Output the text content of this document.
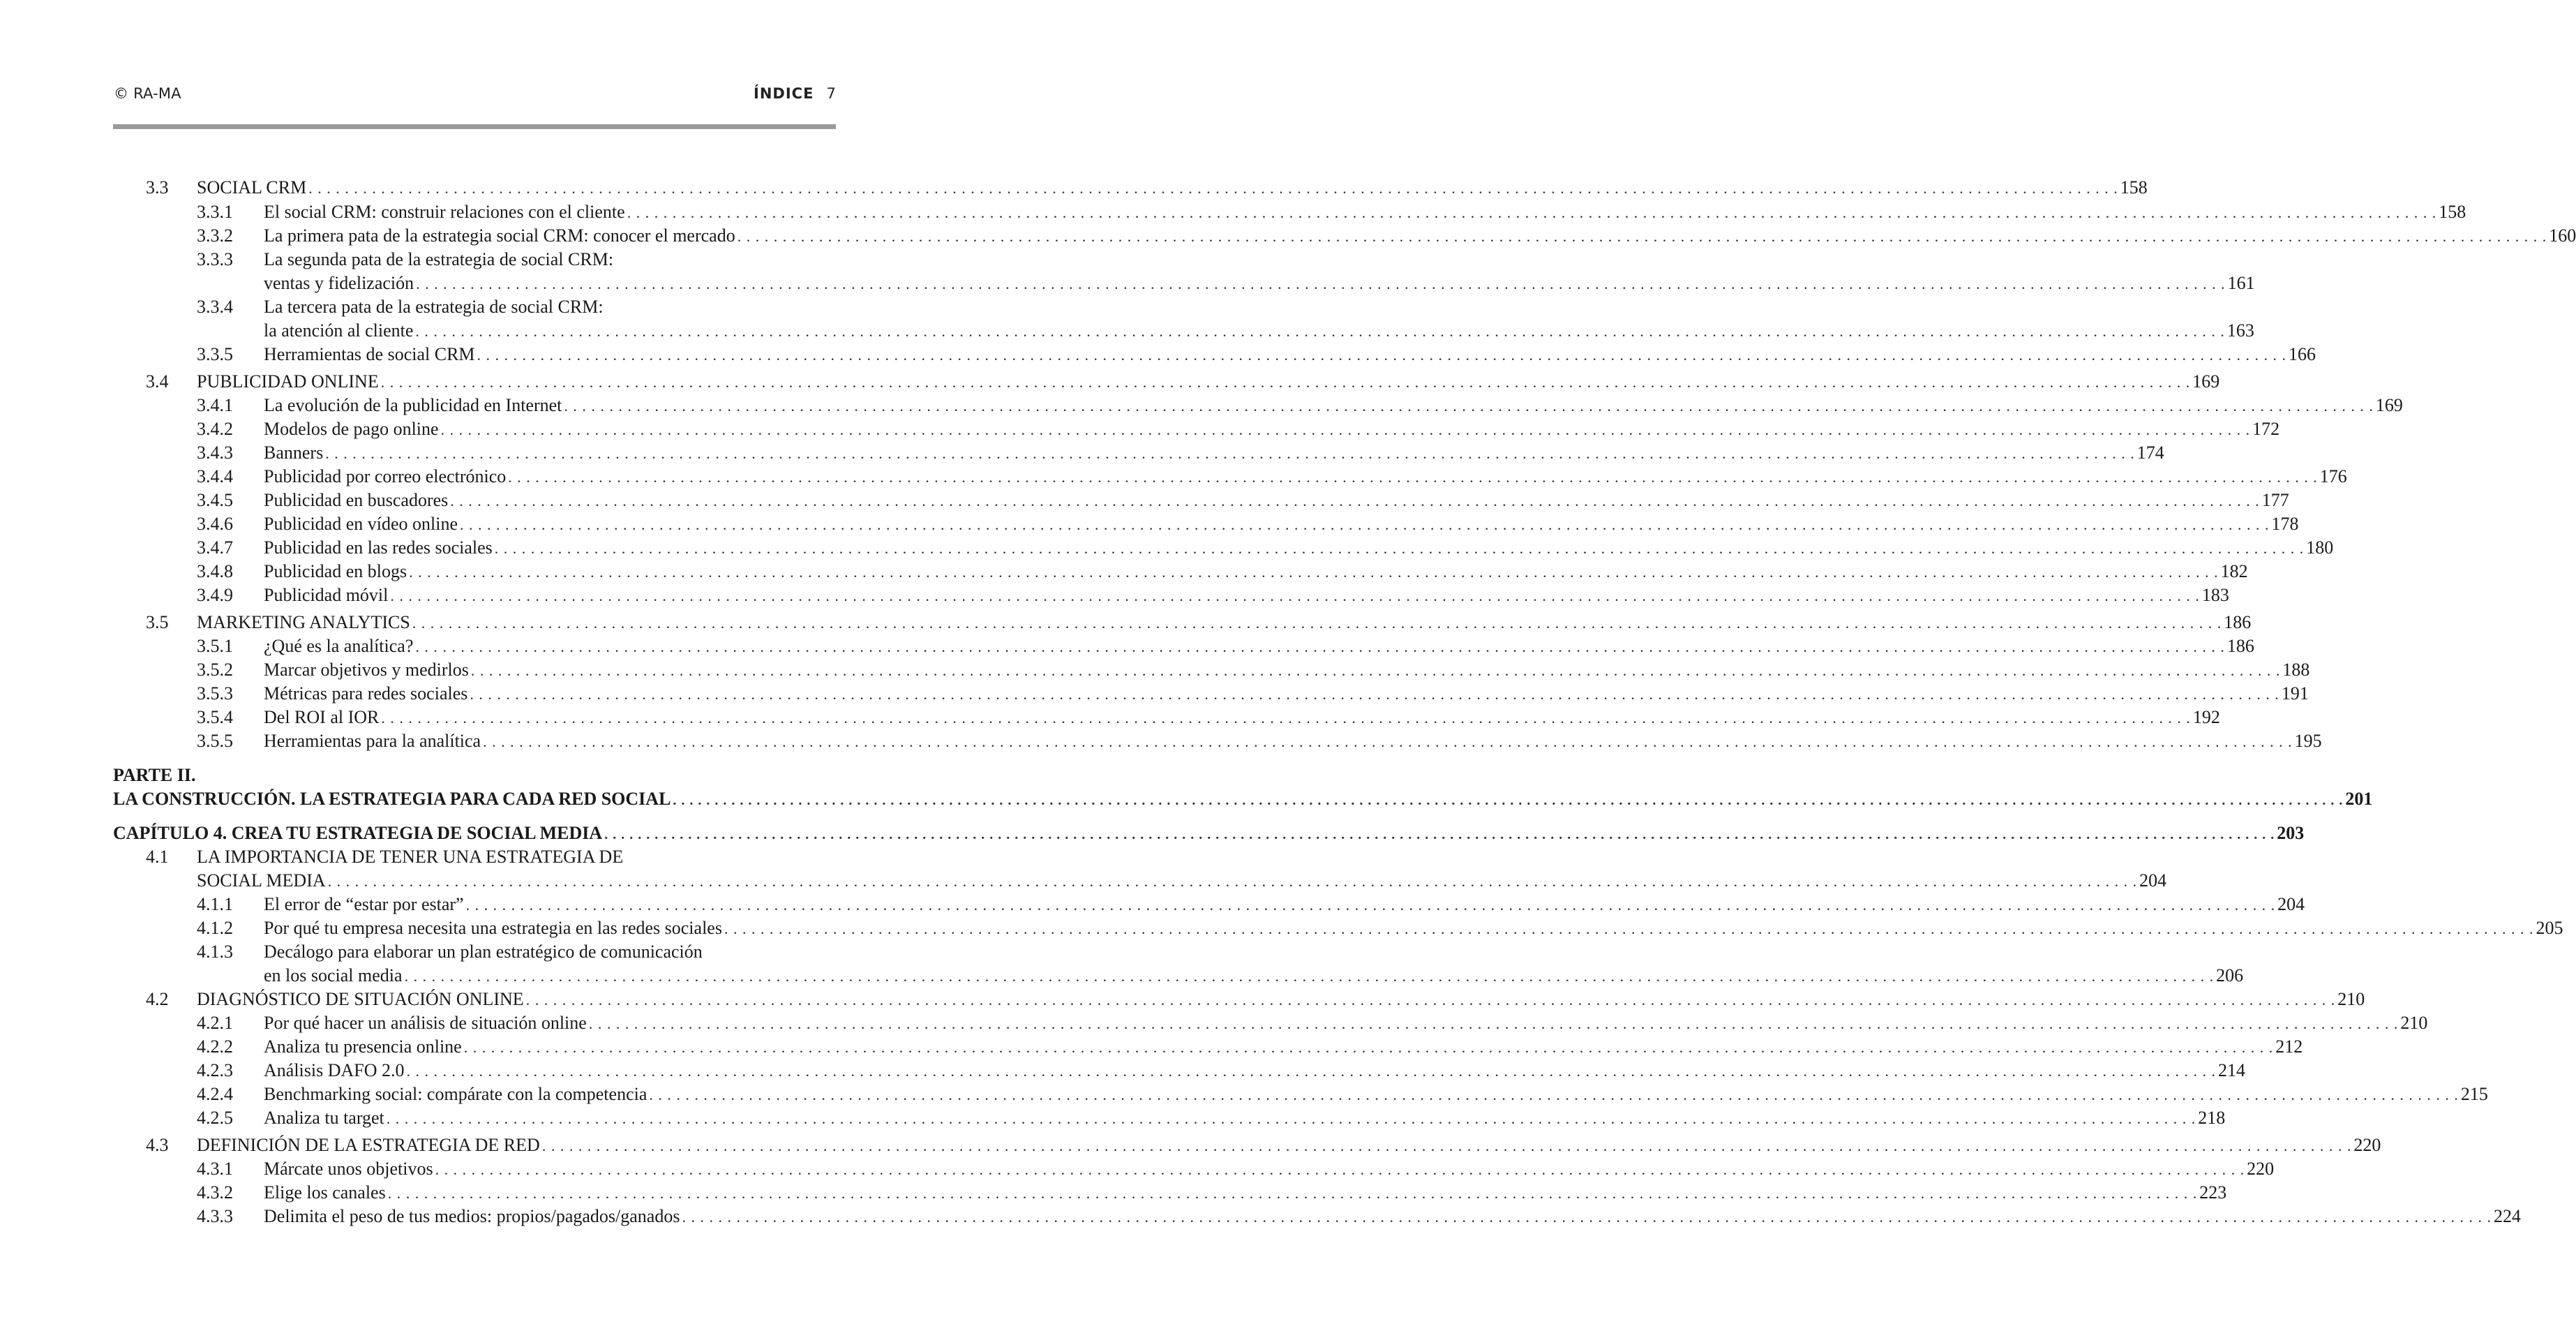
© RA-MA	ÍNDICE 7
3.3 SOCIAL CRM . . . . . . . . . . . . . . . . . . . . . . . . . . . . . . . . . . . . . . . . . . . . . . . . . . . . . . . . . . . . . . . . . . . . . . . . . . . . . . . . . . . . . . . . . . . . . . . . . . . . . . . . . . . . . . . . . . . . . . . . . . . . . . . . . . . . . . . . . . . . . . . . . . . . . . . . . . . . . . . . . . . . . . . . . . . . . . . . . . . . . . . . . . . . . . . . . . . . . . . . 158
3.3.1 El social CRM: construir relaciones con el cliente . . . . . . . . . . . . . . . . . . . . . . . . . . . . . . . . . . . . . . . . . . . . . . . . . . . . . . . . . . . . . . . . . . . . . . . . . . . . . . . . . . . . . . . . . . . . . . . . . . . . . . . . . . . . . . . . . . . . . . . . . . . . . . . . . . . . . . . . . . . . . . . . . . . . . . . . . . . . . . . . . . . . . . . . . . . . . . . . . . . . . . . . . . . . . . . . . . . . . . . . 158
3.3.2 La primera pata de la estrategia social CRM: conocer el mercado . . . . . . . . . . . . . . . . . . . . . . . . . . . . . . . . . . . . . . . . . . . . . . . . . . . . . . . . . . . . . . . . . . . . . . . . . . . . . . . . . . . . . . . . . . . . . . . . . . . . . . . . . . . . . . . . . . . . . . . . . . . . . . . . . . . . . . . . . . . . . . . . . . . . . . . . . . . . . . . . . . . . . . . . . . . . . . . . . . . . . . . . . . . . . . . . . . . . . . . . 160
3.3.3 La segunda pata de la estrategia de social CRM:
ventas y fidelización . . . . . . . . . . . . . . . . . . . . . . . . . . . . . . . . . . . . . . . . . . . . . . . . . . . . . . . . . . . . . . . . . . . . . . . . . . . . . . . . . . . . . . . . . . . . . . . . . . . . . . . . . . . . . . . . . . . . . . . . . . . . . . . . . . . . . . . . . . . . . . . . . . . . . . . . . . . . . . . . . . . . . . . . . . . . . . . . . . . . . . . . . . . . . . . . . . . . . . . . 161
3.3.4 La tercera pata de la estrategia de social CRM:
la atención al cliente . . . . . . . . . . . . . . . . . . . . . . . . . . . . . . . . . . . . . . . . . . . . . . . . . . . . . . . . . . . . . . . . . . . . . . . . . . . . . . . . . . . . . . . . . . . . . . . . . . . . . . . . . . . . . . . . . . . . . . . . . . . . . . . . . . . . . . . . . . . . . . . . . . . . . . . . . . . . . . . . . . . . . . . . . . . . . . . . . . . . . . . . . . . . . . . . . . . . . . . . 163
3.3.5 Herramientas de social CRM . . . . . . . . . . . . . . . . . . . . . . . . . . . . . . . . . . . . . . . . . . . . . . . . . . . . . . . . . . . . . . . . . . . . . . . . . . . . . . . . . . . . . . . . . . . . . . . . . . . . . . . . . . . . . . . . . . . . . . . . . . . . . . . . . . . . . . . . . . . . . . . . . . . . . . . . . . . . . . . . . . . . . . . . . . . . . . . . . . . . . . . . . . . . . . . . . . . . . . . . 166
3.4 PUBLICIDAD ONLINE . . . . . . . . . . . . . . . . . . . . . . . . . . . . . . . . . . . . . . . . . . . . . . . . . . . . . . . . . . . . . . . . . . . . . . . . . . . . . . . . . . . . . . . . . . . . . . . . . . . . . . . . . . . . . . . . . . . . . . . . . . . . . . . . . . . . . . . . . . . . . . . . . . . . . . . . . . . . . . . . . . . . . . . . . . . . . . . . . . . . . . . . . . . . . . . . . . . . . . . . 169
3.4.1 La evolución de la publicidad en Internet . . . . . . . . . . . . . . . . . . . . . . . . . . . . . . . . . . . . . . . . . . . . . . . . . . . . . . . . . . . . . . . . . . . . . . . . . . . . . . . . . . . . . . . . . . . . . . . . . . . . . . . . . . . . . . . . . . . . . . . . . . . . . . . . . . . . . . . . . . . . . . . . . . . . . . . . . . . . . . . . . . . . . . . . . . . . . . . . . . . . . . . . . . . . . . . . . . . . . . . . 169
3.4.2 Modelos de pago online . . . . . . . . . . . . . . . . . . . . . . . . . . . . . . . . . . . . . . . . . . . . . . . . . . . . . . . . . . . . . . . . . . . . . . . . . . . . . . . . . . . . . . . . . . . . . . . . . . . . . . . . . . . . . . . . . . . . . . . . . . . . . . . . . . . . . . . . . . . . . . . . . . . . . . . . . . . . . . . . . . . . . . . . . . . . . . . . . . . . . . . . . . . . . . . . . . . . . . . . 172
3.4.3 Banners . . . . . . . . . . . . . . . . . . . . . . . . . . . . . . . . . . . . . . . . . . . . . . . . . . . . . . . . . . . . . . . . . . . . . . . . . . . . . . . . . . . . . . . . . . . . . . . . . . . . . . . . . . . . . . . . . . . . . . . . . . . . . . . . . . . . . . . . . . . . . . . . . . . . . . . . . . . . . . . . . . . . . . . . . . . . . . . . . . . . . . . . . . . . . . . . . . . . . . . . 174
3.4.4 Publicidad por correo electrónico . . . . . . . . . . . . . . . . . . . . . . . . . . . . . . . . . . . . . . . . . . . . . . . . . . . . . . . . . . . . . . . . . . . . . . . . . . . . . . . . . . . . . . . . . . . . . . . . . . . . . . . . . . . . . . . . . . . . . . . . . . . . . . . . . . . . . . . . . . . . . . . . . . . . . . . . . . . . . . . . . . . . . . . . . . . . . . . . . . . . . . . . . . . . . . . . . . . . . . . . 176
3.4.5 Publicidad en buscadores . . . . . . . . . . . . . . . . . . . . . . . . . . . . . . . . . . . . . . . . . . . . . . . . . . . . . . . . . . . . . . . . . . . . . . . . . . . . . . . . . . . . . . . . . . . . . . . . . . . . . . . . . . . . . . . . . . . . . . . . . . . . . . . . . . . . . . . . . . . . . . . . . . . . . . . . . . . . . . . . . . . . . . . . . . . . . . . . . . . . . . . . . . . . . . . . . . . . . . . . 177
3.4.6 Publicidad en vídeo online . . . . . . . . . . . . . . . . . . . . . . . . . . . . . . . . . . . . . . . . . . . . . . . . . . . . . . . . . . . . . . . . . . . . . . . . . . . . . . . . . . . . . . . . . . . . . . . . . . . . . . . . . . . . . . . . . . . . . . . . . . . . . . . . . . . . . . . . . . . . . . . . . . . . . . . . . . . . . . . . . . . . . . . . . . . . . . . . . . . . . . . . . . . . . . . . . . . . . . . . 178
3.4.7 Publicidad en las redes sociales . . . . . . . . . . . . . . . . . . . . . . . . . . . . . . . . . . . . . . . . . . . . . . . . . . . . . . . . . . . . . . . . . . . . . . . . . . . . . . . . . . . . . . . . . . . . . . . . . . . . . . . . . . . . . . . . . . . . . . . . . . . . . . . . . . . . . . . . . . . . . . . . . . . . . . . . . . . . . . . . . . . . . . . . . . . . . . . . . . . . . . . . . . . . . . . . . . . . . . . . 180
3.4.8 Publicidad en blogs . . . . . . . . . . . . . . . . . . . . . . . . . . . . . . . . . . . . . . . . . . . . . . . . . . . . . . . . . . . . . . . . . . . . . . . . . . . . . . . . . . . . . . . . . . . . . . . . . . . . . . . . . . . . . . . . . . . . . . . . . . . . . . . . . . . . . . . . . . . . . . . . . . . . . . . . . . . . . . . . . . . . . . . . . . . . . . . . . . . . . . . . . . . . . . . . . . . . . . . . 182
3.4.9 Publicidad móvil . . . . . . . . . . . . . . . . . . . . . . . . . . . . . . . . . . . . . . . . . . . . . . . . . . . . . . . . . . . . . . . . . . . . . . . . . . . . . . . . . . . . . . . . . . . . . . . . . . . . . . . . . . . . . . . . . . . . . . . . . . . . . . . . . . . . . . . . . . . . . . . . . . . . . . . . . . . . . . . . . . . . . . . . . . . . . . . . . . . . . . . . . . . . . . . . . . . . . . . . 183
3.5 MARKETING ANALYTICS . . . . . . . . . . . . . . . . . . . . . . . . . . . . . . . . . . . . . . . . . . . . . . . . . . . . . . . . . . . . . . . . . . . . . . . . . . . . . . . . . . . . . . . . . . . . . . . . . . . . . . . . . . . . . . . . . . . . . . . . . . . . . . . . . . . . . . . . . . . . . . . . . . . . . . . . . . . . . . . . . . . . . . . . . . . . . . . . . . . . . . . . . . . . . . . . . . . . . . . . 186
3.5.1 ¿Qué es la analítica? . . . . . . . . . . . . . . . . . . . . . . . . . . . . . . . . . . . . . . . . . . . . . . . . . . . . . . . . . . . . . . . . . . . . . . . . . . . . . . . . . . . . . . . . . . . . . . . . . . . . . . . . . . . . . . . . . . . . . . . . . . . . . . . . . . . . . . . . . . . . . . . . . . . . . . . . . . . . . . . . . . . . . . . . . . . . . . . . . . . . . . . . . . . . . . . . . . . . . . . . 186
3.5.2 Marcar objetivos y medirlos . . . . . . . . . . . . . . . . . . . . . . . . . . . . . . . . . . . . . . . . . . . . . . . . . . . . . . . . . . . . . . . . . . . . . . . . . . . . . . . . . . . . . . . . . . . . . . . . . . . . . . . . . . . . . . . . . . . . . . . . . . . . . . . . . . . . . . . . . . . . . . . . . . . . . . . . . . . . . . . . . . . . . . . . . . . . . . . . . . . . . . . . . . . . . . . . . . . . . . . . 188
3.5.3 Métricas para redes sociales . . . . . . . . . . . . . . . . . . . . . . . . . . . . . . . . . . . . . . . . . . . . . . . . . . . . . . . . . . . . . . . . . . . . . . . . . . . . . . . . . . . . . . . . . . . . . . . . . . . . . . . . . . . . . . . . . . . . . . . . . . . . . . . . . . . . . . . . . . . . . . . . . . . . . . . . . . . . . . . . . . . . . . . . . . . . . . . . . . . . . . . . . . . . . . . . . . . . . . . . 191
3.5.4 Del ROI al IOR . . . . . . . . . . . . . . . . . . . . . . . . . . . . . . . . . . . . . . . . . . . . . . . . . . . . . . . . . . . . . . . . . . . . . . . . . . . . . . . . . . . . . . . . . . . . . . . . . . . . . . . . . . . . . . . . . . . . . . . . . . . . . . . . . . . . . . . . . . . . . . . . . . . . . . . . . . . . . . . . . . . . . . . . . . . . . . . . . . . . . . . . . . . . . . . . . . . . . . . . 192
3.5.5 Herramientas para la analítica . . . . . . . . . . . . . . . . . . . . . . . . . . . . . . . . . . . . . . . . . . . . . . . . . . . . . . . . . . . . . . . . . . . . . . . . . . . . . . . . . . . . . . . . . . . . . . . . . . . . . . . . . . . . . . . . . . . . . . . . . . . . . . . . . . . . . . . . . . . . . . . . . . . . . . . . . . . . . . . . . . . . . . . . . . . . . . . . . . . . . . . . . . . . . . . . . . . . . . . . 195
PARTE II.
LA CONSTRUCCIÓN. LA ESTRATEGIA PARA CADA RED SOCIAL . . . . . . . . . . . . . . . . . . . . . . . . . . . . . . . . . . . . . . . . . . . . . . . . . . . . . . . . . . . . . . . . . . . . . . . . . . . . . . . . . . . . . . . . . . . . . . . . . . . . . . . . . . . . . . . . . . . . . . . . . . . . . . . . . . . . . . . . . . . . . . . . . . . . . . . . . . . . . . . . . . . . . . . . . . . . . . . . . . . . . . . . . . . . . . . . . . . . . . . . 201
CAPÍTULO 4. CREA TU ESTRATEGIA DE SOCIAL MEDIA . . . . . . . . . . . . . . . . . . . . . . . . . . . . . . . . . . . . . . . . . . . . . . . . . . . . . . . . . . . . . . . . . . . . . . . . . . . . . . . . . . . . . . . . . . . . . . . . . . . . . . . . . . . . . . . . . . . . . . . . . . . . . . . . . . . . . . . . . . . . . . . . . . . . . . . . . . . . . . . . . . . . . . . . . . . . . . . . . . . . . . . . . . . . . . . . . . . . . . . . 203
4.1 LA IMPORTANCIA DE TENER UNA ESTRATEGIA DE
SOCIAL MEDIA . . . . . . . . . . . . . . . . . . . . . . . . . . . . . . . . . . . . . . . . . . . . . . . . . . . . . . . . . . . . . . . . . . . . . . . . . . . . . . . . . . . . . . . . . . . . . . . . . . . . . . . . . . . . . . . . . . . . . . . . . . . . . . . . . . . . . . . . . . . . . . . . . . . . . . . . . . . . . . . . . . . . . . . . . . . . . . . . . . . . . . . . . . . . . . . . . . . . . . . . 204
4.1.1 El error de “estar por estar” . . . . . . . . . . . . . . . . . . . . . . . . . . . . . . . . . . . . . . . . . . . . . . . . . . . . . . . . . . . . . . . . . . . . . . . . . . . . . . . . . . . . . . . . . . . . . . . . . . . . . . . . . . . . . . . . . . . . . . . . . . . . . . . . . . . . . . . . . . . . . . . . . . . . . . . . . . . . . . . . . . . . . . . . . . . . . . . . . . . . . . . . . . . . . . . . . . . . . . . . 204
4.1.2 Por qué tu empresa necesita una estrategia en las redes sociales . . . . . . . . . . . . . . . . . . . . . . . . . . . . . . . . . . . . . . . . . . . . . . . . . . . . . . . . . . . . . . . . . . . . . . . . . . . . . . . . . . . . . . . . . . . . . . . . . . . . . . . . . . . . . . . . . . . . . . . . . . . . . . . . . . . . . . . . . . . . . . . . . . . . . . . . . . . . . . . . . . . . . . . . . . . . . . . . . . . . . . . . . . . . . . . . . . . . . . . . 205
4.1.3 Decálogo para elaborar un plan estratégico de comunicación
en los social media . . . . . . . . . . . . . . . . . . . . . . . . . . . . . . . . . . . . . . . . . . . . . . . . . . . . . . . . . . . . . . . . . . . . . . . . . . . . . . . . . . . . . . . . . . . . . . . . . . . . . . . . . . . . . . . . . . . . . . . . . . . . . . . . . . . . . . . . . . . . . . . . . . . . . . . . . . . . . . . . . . . . . . . . . . . . . . . . . . . . . . . . . . . . . . . . . . . . . . . . 206
4.2 DIAGNÓSTICO DE SITUACIÓN ONLINE . . . . . . . . . . . . . . . . . . . . . . . . . . . . . . . . . . . . . . . . . . . . . . . . . . . . . . . . . . . . . . . . . . . . . . . . . . . . . . . . . . . . . . . . . . . . . . . . . . . . . . . . . . . . . . . . . . . . . . . . . . . . . . . . . . . . . . . . . . . . . . . . . . . . . . . . . . . . . . . . . . . . . . . . . . . . . . . . . . . . . . . . . . . . . . . . . . . . . . . . 210
4.2.1 Por qué hacer un análisis de situación online . . . . . . . . . . . . . . . . . . . . . . . . . . . . . . . . . . . . . . . . . . . . . . . . . . . . . . . . . . . . . . . . . . . . . . . . . . . . . . . . . . . . . . . . . . . . . . . . . . . . . . . . . . . . . . . . . . . . . . . . . . . . . . . . . . . . . . . . . . . . . . . . . . . . . . . . . . . . . . . . . . . . . . . . . . . . . . . . . . . . . . . . . . . . . . . . . . . . . . . . 210
4.2.2 Analiza tu presencia online . . . . . . . . . . . . . . . . . . . . . . . . . . . . . . . . . . . . . . . . . . . . . . . . . . . . . . . . . . . . . . . . . . . . . . . . . . . . . . . . . . . . . . . . . . . . . . . . . . . . . . . . . . . . . . . . . . . . . . . . . . . . . . . . . . . . . . . . . . . . . . . . . . . . . . . . . . . . . . . . . . . . . . . . . . . . . . . . . . . . . . . . . . . . . . . . . . . . . . . . 212
4.2.3 Análisis DAFO 2.0 . . . . . . . . . . . . . . . . . . . . . . . . . . . . . . . . . . . . . . . . . . . . . . . . . . . . . . . . . . . . . . . . . . . . . . . . . . . . . . . . . . . . . . . . . . . . . . . . . . . . . . . . . . . . . . . . . . . . . . . . . . . . . . . . . . . . . . . . . . . . . . . . . . . . . . . . . . . . . . . . . . . . . . . . . . . . . . . . . . . . . . . . . . . . . . . . . . . . . . . . 214
4.2.4 Benchmarking social: compárate con la competencia . . . . . . . . . . . . . . . . . . . . . . . . . . . . . . . . . . . . . . . . . . . . . . . . . . . . . . . . . . . . . . . . . . . . . . . . . . . . . . . . . . . . . . . . . . . . . . . . . . . . . . . . . . . . . . . . . . . . . . . . . . . . . . . . . . . . . . . . . . . . . . . . . . . . . . . . . . . . . . . . . . . . . . . . . . . . . . . . . . . . . . . . . . . . . . . . . . . . . . . . 215
4.2.5 Analiza tu target . . . . . . . . . . . . . . . . . . . . . . . . . . . . . . . . . . . . . . . . . . . . . . . . . . . . . . . . . . . . . . . . . . . . . . . . . . . . . . . . . . . . . . . . . . . . . . . . . . . . . . . . . . . . . . . . . . . . . . . . . . . . . . . . . . . . . . . . . . . . . . . . . . . . . . . . . . . . . . . . . . . . . . . . . . . . . . . . . . . . . . . . . . . . . . . . . . . . . . . . 218
4.3 DEFINICIÓN DE LA ESTRATEGIA DE RED . . . . . . . . . . . . . . . . . . . . . . . . . . . . . . . . . . . . . . . . . . . . . . . . . . . . . . . . . . . . . . . . . . . . . . . . . . . . . . . . . . . . . . . . . . . . . . . . . . . . . . . . . . . . . . . . . . . . . . . . . . . . . . . . . . . . . . . . . . . . . . . . . . . . . . . . . . . . . . . . . . . . . . . . . . . . . . . . . . . . . . . . . . . . . . . . . . . . . . . . 220
4.3.1 Márcate unos objetivos . . . . . . . . . . . . . . . . . . . . . . . . . . . . . . . . . . . . . . . . . . . . . . . . . . . . . . . . . . . . . . . . . . . . . . . . . . . . . . . . . . . . . . . . . . . . . . . . . . . . . . . . . . . . . . . . . . . . . . . . . . . . . . . . . . . . . . . . . . . . . . . . . . . . . . . . . . . . . . . . . . . . . . . . . . . . . . . . . . . . . . . . . . . . . . . . . . . . . . . . 220
4.3.2 Elige los canales . . . . . . . . . . . . . . . . . . . . . . . . . . . . . . . . . . . . . . . . . . . . . . . . . . . . . . . . . . . . . . . . . . . . . . . . . . . . . . . . . . . . . . . . . . . . . . . . . . . . . . . . . . . . . . . . . . . . . . . . . . . . . . . . . . . . . . . . . . . . . . . . . . . . . . . . . . . . . . . . . . . . . . . . . . . . . . . . . . . . . . . . . . . . . . . . . . . . . . . . 223
4.3.3 Delimita el peso de tus medios: propios/pagados/ganados . . . . . . . . . . . . . . . . . . . . . . . . . . . . . . . . . . . . . . . . . . . . . . . . . . . . . . . . . . . . . . . . . . . . . . . . . . . . . . . . . . . . . . . . . . . . . . . . . . . . . . . . . . . . . . . . . . . . . . . . . . . . . . . . . . . . . . . . . . . . . . . . . . . . . . . . . . . . . . . . . . . . . . . . . . . . . . . . . . . . . . . . . . . . . . . . . . . . . . . . 224
